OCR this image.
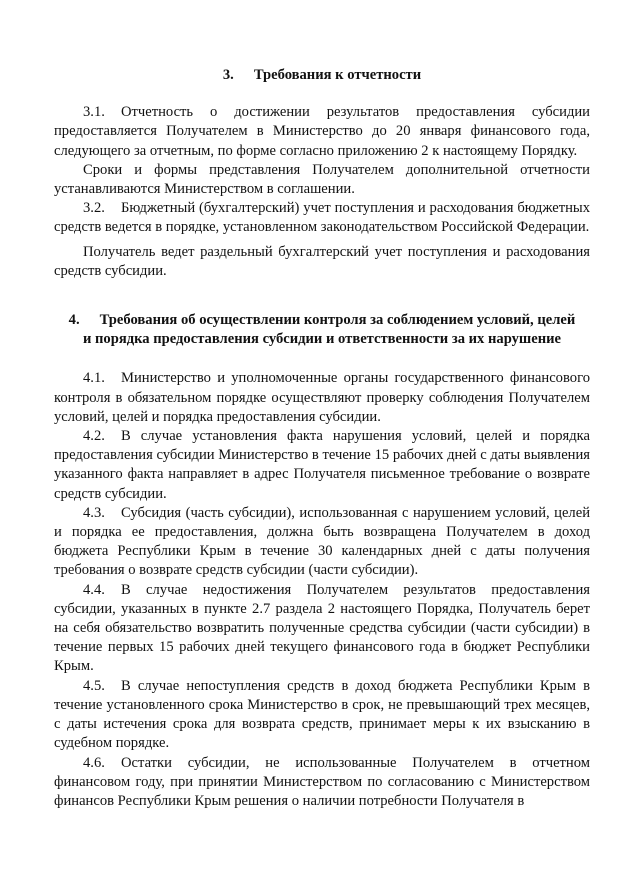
3. Требования к отчетности

3.1. Отчетность о достижении результатов предоставления субсидии предоставляется Получателем в Министерство до 20 января финансового года, следующего за отчетным, по форме согласно приложению 2 к настоящему Порядку.

Сроки и формы представления Получателем дополнительной отчетности устанавливаются Министерством в соглашении.

3.2. Бюджетный (бухгалтерский) учет поступления и расходования бюджетных средств ведется в порядке, установленном законодательством Российской Федерации.

Получатель ведет раздельный бухгалтерский учет поступления и расходования средств субсидии.

4. Требования об осуществлении контроля за соблюдением условий, целей и порядка предоставления субсидии и ответственности за их нарушение

4.1. Министерство и уполномоченные органы государственного финансового контроля в обязательном порядке осуществляют проверку соблюдения Получателем условий, целей и порядка предоставления субсидии.

4.2. В случае установления факта нарушения условий, целей и порядка предоставления субсидии Министерство в течение 15 рабочих дней с даты выявления указанного факта направляет в адрес Получателя письменное требование о возврате средств субсидии.

4.3. Субсидия (часть субсидии), использованная с нарушением условий, целей и порядка ее предоставления, должна быть возвращена Получателем в доход бюджета Республики Крым в течение 30 календарных дней с даты получения требования о возврате средств субсидии (части субсидии).

4.4. В случае недостижения Получателем результатов предоставления субсидии, указанных в пункте 2.7 раздела 2 настоящего Порядка, Получатель берет на себя обязательство возвратить полученные средства субсидии (части субсидии) в течение первых 15 рабочих дней текущего финансового года в бюджет Республики Крым.

4.5. В случае непоступления средств в доход бюджета Республики Крым в течение установленного срока Министерство в срок, не превышающий трех месяцев, с даты истечения срока для возврата средств, принимает меры к их взысканию в судебном порядке.

4.6. Остатки субсидии, не использованные Получателем в отчетном финансовом году, при принятии Министерством по согласованию с Министерством финансов Республики Крым решения о наличии потребности Получателя в
